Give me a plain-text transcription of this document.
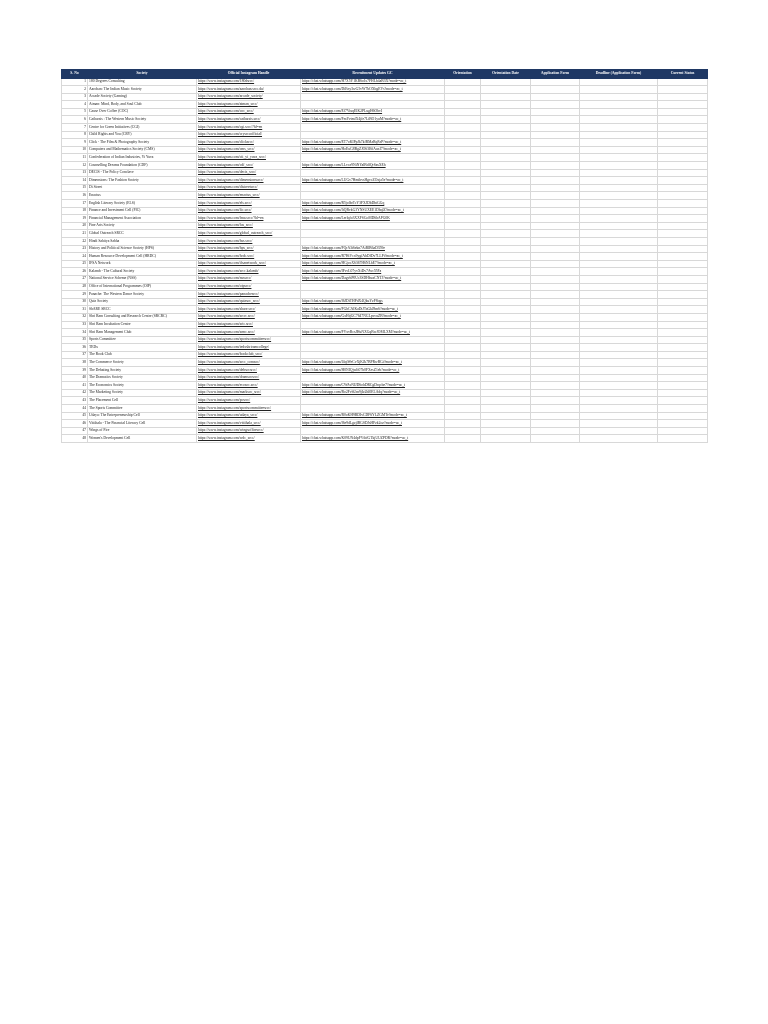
S. No	Society	Official Instagram Handle	Recruitment Updates GC	Orientation	Orientation Date	Application Form	Deadline (Application Form)	Current Status
1	180 Degrees Consulting	https://www.instagram.com/180dsrcc/	https://chat.whatsapp.com/H7X5Y1KB6oJx7FHLb4aB3X?mode=ac_t					
2	Aarohan: The Indian Music Society	https://www.instagram.com/aarohan.srcc.du/	https://chat.whatsapp.com/DiEny3wG5vW7bOXbgEVs?mode=ac_t					
3	Arcade Society (Gaming)	https://www.instagram.com/arcade_society/						
4	Atman: Mind, Body, and Soul Club	https://www.instagram.com/atman_srcc/						
5	Cause Over Coffee (COC)	https://www.instagram.com/coc_srcc/	https://chat.whatsapp.com/Ef7ViuqEIK2PLugH6ObvI					
6	Catharsis : The Western Music Society	https://www.instagram.com/catharsis.srcc/	https://chat.whatsapp.com/FmYvtmfX4jfe7LiBO1yuM?mode=ac_t					
7	Centre for Green Initiatives (CGI)	https://www.instagram.com/cgi.srcc/?hl=en						
8	Child Rights and You (CRY)	https://www.instagram.com/crysrccofficial/						
9	Click - The Film & Photography Society	https://www.instagram.com/clicksrcc/	https://chat.whatsapp.com/ET7oKIPpJk7kfRMaRqFaP?mode=ac_t					
10	Computers and Mathematics Society (CMS)	https://www.instagram.com/cms_srcc/	https://chat.whatsapp.com/HoEuG8BgZJO63I6fAuxI7?mode=ac_t					
11	Confederation of Indian Industries, Yi Yuva	https://www.instagram.com/cii_yi_yuva_srcc/						
12	Counselling Dreams Foundation (CDF)	https://www.instagram.com/cdf_srcc/	https://chat.whatsapp.com/LLvcz9NiNYalBdfQrSasXEh					
13	DECIS - The Policy Conclave	https://www.instagram.com/decis_srcc/						
14	Dimensions: The Fashion Society	https://www.instagram.com/dimensionssrcc/	https://chat.whatsapp.com/LUGv7HmtbvsHgvcZOxja5e?mode=ac_t					
15	Di Street	https://www.instagram.com/distreetsrcc/						
16	Enactus	https://www.instagram.com/enactus_srcc/						
17	English Literary Society (ELS)	https://www.instagram.com/els.srcc/	https://chat.whatsapp.com/R5jolbrTcY3FXJDbDhtGGq					
18	Finance and Investment Cell (FIC)	https://www.instagram.com/fic.srcc/	https://chat.whatsapp.com/ItQBvkG3YNSUXEE1DbqlZ?mode=ac_t					
19	Financial Management Association	https://www.instagram.com/fma.srcc/?hl=en	https://chat.whatsapp.com/Lerlqfo3XXFSGoMD6hAPG0K					
20	Fine Arts Society	https://www.instagram.com/fas_srcc/						
21	Global Outreach SRCC	https://www.instagram.com/global_outreach_srcc/						
22	Hindi Sahitya Sabha	https://www.instagram.com/hss.srcc/						
23	History and Political Science Society (HPS)	https://www.instagram.com/hps_srcc/	https://chat.whatsapp.com/FQrA3t6ekn7AtRlB6aD359e					
24	Human Resource Development Cell (HRDC)	https://www.instagram.com/hrdc.srcc/	https://chat.whatsapp.com/B7HtVcx9ygfAbDfDv7LLPt?mode=ac_t					
25	IFSA Network	https://www.instagram.com/ifsanetwork_srcc/	https://chat.whatsapp.com/HGjocX6367H6NLbE7?mode=ac_t					
26	Kalamb - The Cultural Society	https://www.instagram.com/srcc.kalamb/	https://chat.whatsapp.com/IFvcL07yvXtDv7Avc55Fa					
27	National Service Scheme (NSS)	https://www.instagram.com/nsssrcc/	https://chat.whatsapp.com/DagvhP0Uc3SDHbuxCNTJ?mode=ac_t					
28	Office of International Programmes (OIP)	https://www.instagram.com/oipsrcc/						
29	Panache: The Western Dance Society	https://www.instagram.com/panachesrcc/						
30	Quiz Society	https://www.instagram.com/quizsoc_srcc/	https://chat.whatsapp.com/I6JDtTHPdX4QkuYzF8ogs					
31	ShARE SRCC	https://www.instagram.com/share.srcc/	https://chat.whatsapp.com/FGhCAIKaDtJTaGkJ8m6?mode=ac_t					
32	Shri Ram Consulting and Research Centre (SRCRC)	https://www.instagram.com/srcrc.srcc/	https://chat.whatsapp.com/GxHtjGC7647NGLpvcuZB?mode=ac_t					
33	Shri Ram Incubation Centre	https://www.instagram.com/sric.srcc/						
34	Shri Ram Management Club	https://www.instagram.com/srmc.srcc/	https://chat.whatsapp.com/FVxvRcsJHuNXGqBwJOMLXM?mode=ac_t					
35	Sports Committee	https://www.instagram.com/sportscommitteesrcc/						
36	TEDx	https://www.instagram.com/tedxshriramcollege/						
37	The Book Club	https://www.instagram.com/bookclub_srcc/						
38	The Commerce Society	https://www.instagram.com/srcc_comsoc/	https://chat.whatsapp.com/I4qiWeCvXjKJk7BPRwBGi?mode=ac_t					
39	The Debating Society	https://www.instagram.com/debsocsrcc/	https://chat.whatsapp.com/H0NIQjwIt07b0FXesZ1eb?mode=ac_t					
40	The Dramatics Society	https://www.instagram.com/dramsocsrcc/						
41	The Economics Society	https://www.instagram.com/ecosoc.srcc/	https://chat.whatsapp.com/CWAvNIJD6ohDRCgDrqcbe7?mode=ac_t					
42	The Marketing Society	https://www.instagram.com/marksoc_srcc/	https://chat.whatsapp.com/Bo2FvhUm9jIz2hl0ELAdq?mode=ac_t					
43	The Placement Cell	https://www.instagram.com/pcsrcc/						
44	The Sports Committee	https://www.instagram.com/sportscommitteesrcc/						
45	Udaya: The Entrepreneurship Cell	https://www.instagram.com/udaya_srcc/	https://chat.whatsapp.com/B0oKH9RDIvCDF6YLZGMTe?mode=ac_t					
46	Vittihala - The Financial Literacy Cell	https://www.instagram.com/vittihala_srcc/	https://chat.whatsapp.com/I6e9dLgzjlBGSDJsHFzk2oz?mode=ac_t					
47	Wings of Fire	https://www.instagram.com/wingsoffiresrcc/						
48	Women's Development Cell	https://www.instagram.com/wdc_srcc/	https://chat.whatsapp.com/K09UN4dpFVtbfGTkjUUZPDR?mode=ac_t					
